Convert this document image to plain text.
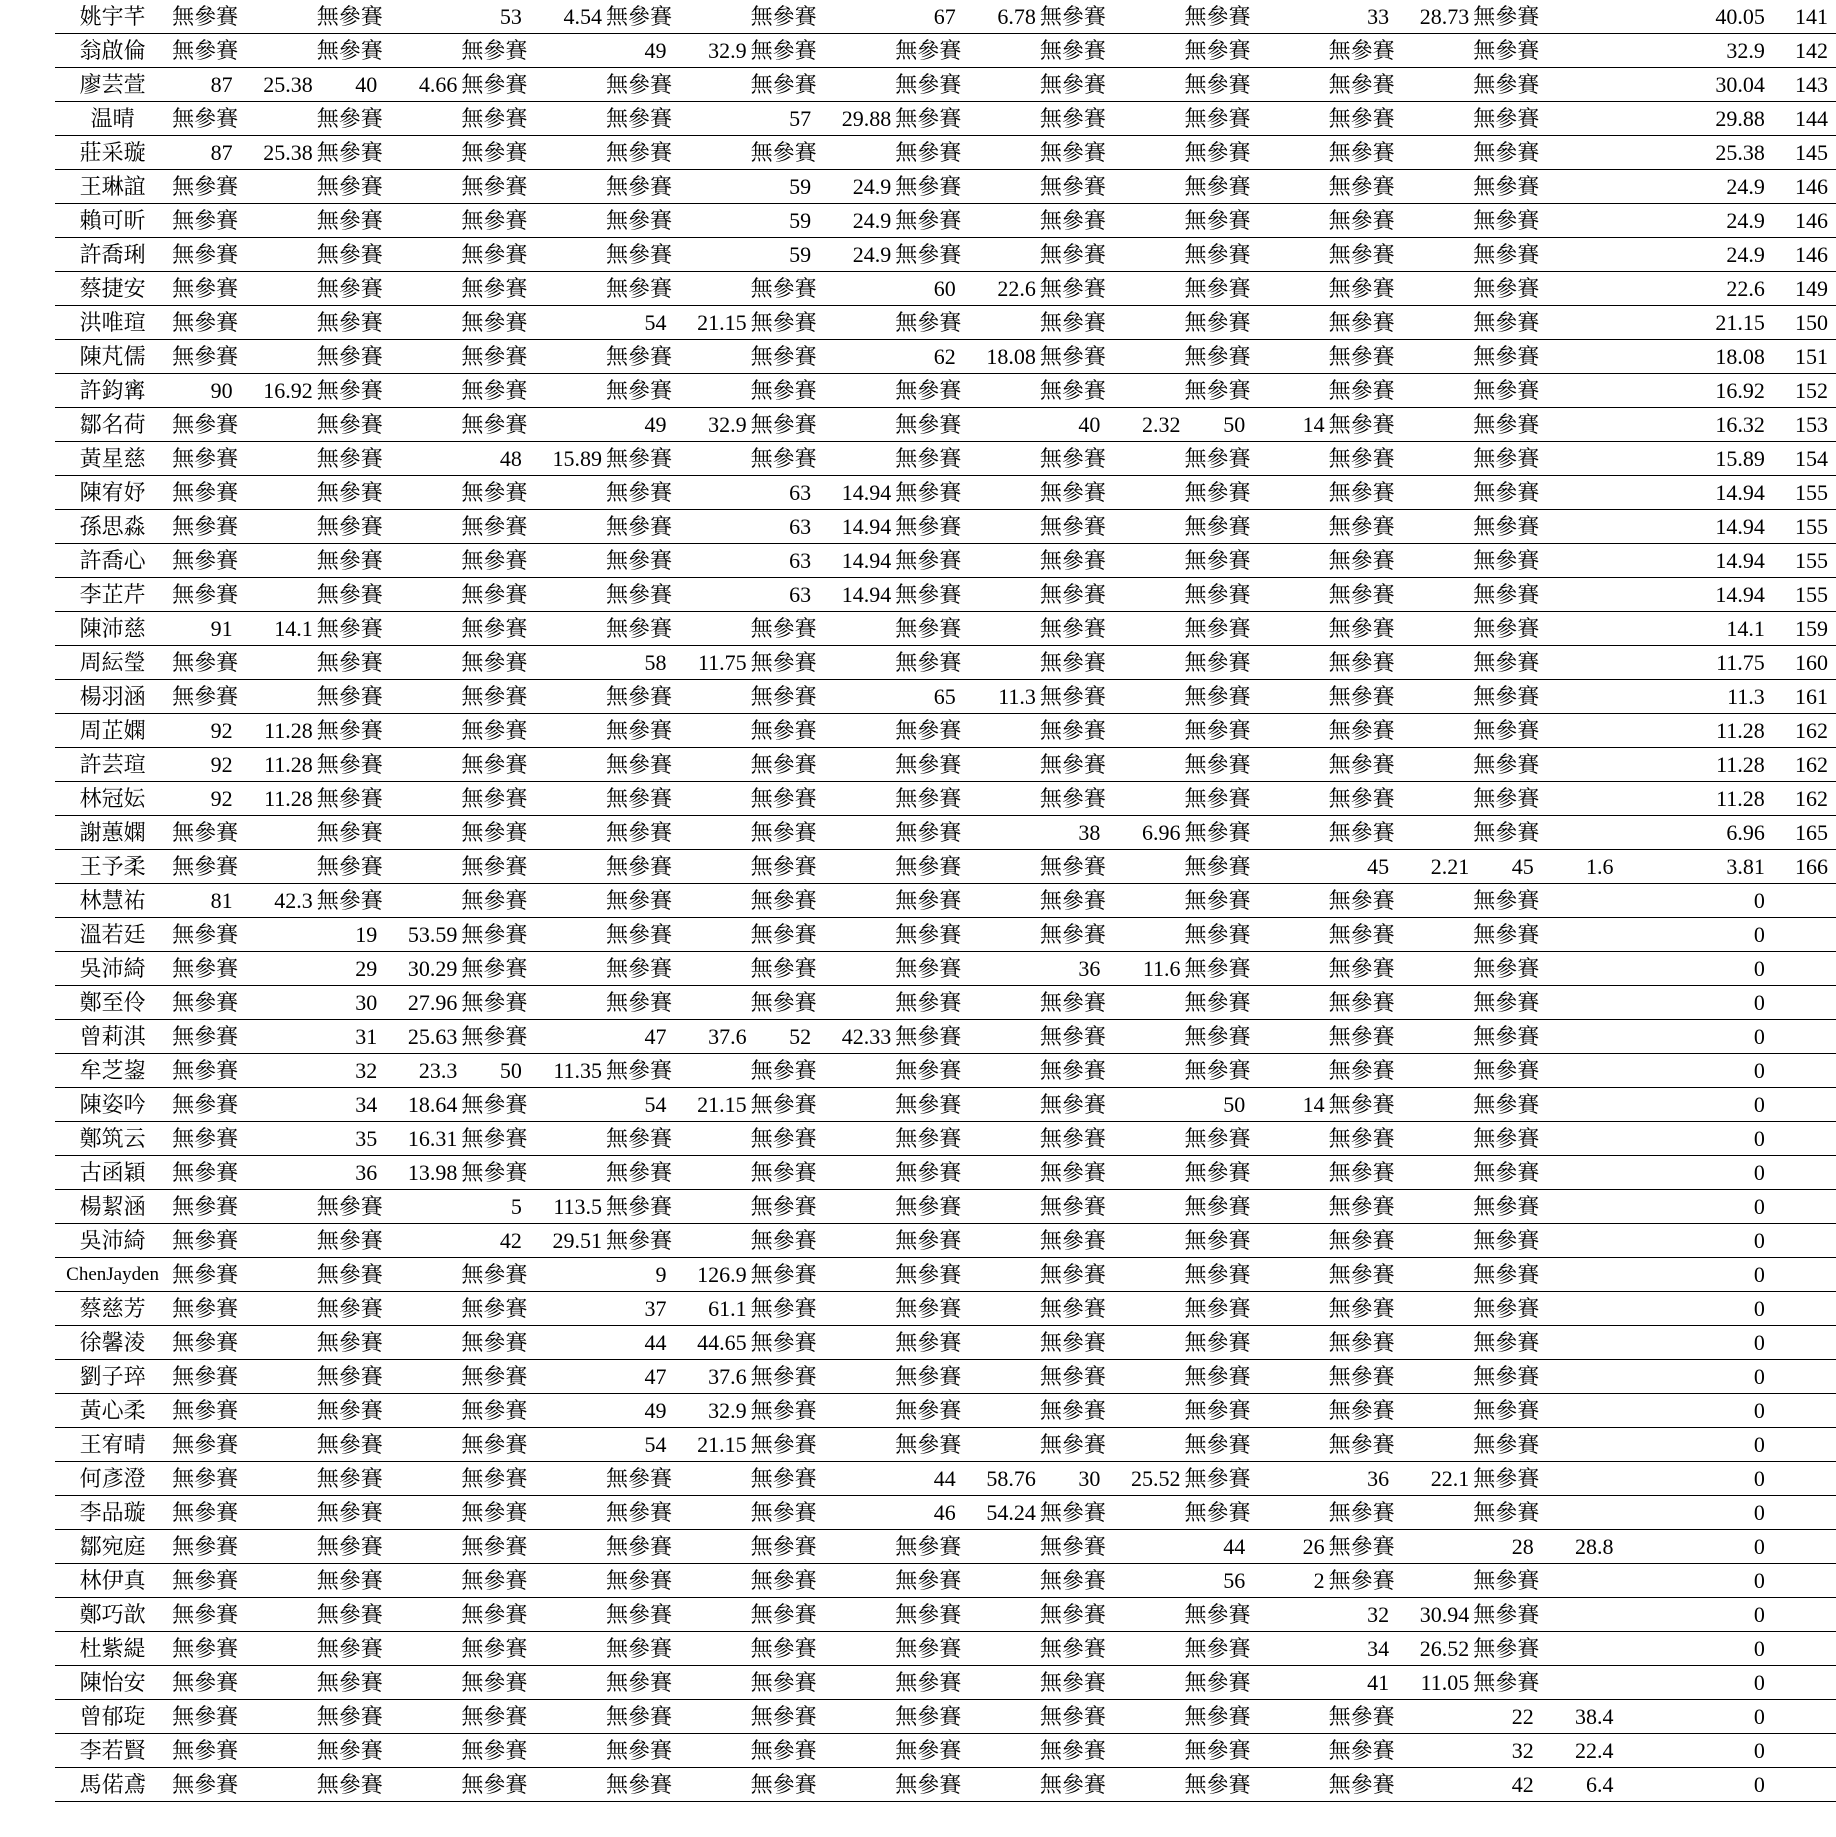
姚宇芊	無參賽		無參賽		53	4.54	無參賽		無參賽		67	6.78	無參賽		無參賽		33	28.73	無參賽		40.05	141
翁啟倫	無參賽		無參賽		無參賽		49	32.9	無參賽		無參賽		無參賽		無參賽		無參賽		無參賽		32.9	142
廖芸萱	87	25.38	40	4.66	無參賽		無參賽		無參賽		無參賽		無參賽		無參賽		無參賽		無參賽		30.04	143
温晴	無參賽		無參賽		無參賽		無參賽		57	29.88	無參賽		無參賽		無參賽		無參賽		無參賽		29.88	144
莊采璇	87	25.38	無參賽		無參賽		無參賽		無參賽		無參賽		無參賽		無參賽		無參賽		無參賽		25.38	145
王琳誼	無參賽		無參賽		無參賽		無參賽		59	24.9	無參賽		無參賽		無參賽		無參賽		無參賽		24.9	146
賴可昕	無參賽		無參賽		無參賽		無參賽		59	24.9	無參賽		無參賽		無參賽		無參賽		無參賽		24.9	146
許喬琍	無參賽		無參賽		無參賽		無參賽		59	24.9	無參賽		無參賽		無參賽		無參賽		無參賽		24.9	146
蔡捷安	無參賽		無參賽		無參賽		無參賽		無參賽		60	22.6	無參賽		無參賽		無參賽		無參賽		22.6	149
洪唯瑄	無參賽		無參賽		無參賽		54	21.15	無參賽		無參賽		無參賽		無參賽		無參賽		無參賽		21.15	150
陳芃儒	無參賽		無參賽		無參賽		無參賽		無參賽		62	18.08	無參賽		無參賽		無參賽		無參賽		18.08	151
許鈞寗	90	16.92	無參賽		無參賽		無參賽		無參賽		無參賽		無參賽		無參賽		無參賽		無參賽		16.92	152
鄒名荷	無參賽		無參賽		無參賽		49	32.9	無參賽		無參賽		40	2.32	50	14	無參賽		無參賽		16.32	153
黃星慈	無參賽		無參賽		48	15.89	無參賽		無參賽		無參賽		無參賽		無參賽		無參賽		無參賽		15.89	154
陳宥妤	無參賽		無參賽		無參賽		無參賽		63	14.94	無參賽		無參賽		無參賽		無參賽		無參賽		14.94	155
孫思淼	無參賽		無參賽		無參賽		無參賽		63	14.94	無參賽		無參賽		無參賽		無參賽		無參賽		14.94	155
許喬心	無參賽		無參賽		無參賽		無參賽		63	14.94	無參賽		無參賽		無參賽		無參賽		無參賽		14.94	155
李芷芹	無參賽		無參賽		無參賽		無參賽		63	14.94	無參賽		無參賽		無參賽		無參賽		無參賽		14.94	155
陳沛慈	91	14.1	無參賽		無參賽		無參賽		無參賽		無參賽		無參賽		無參賽		無參賽		無參賽		14.1	159
周紜瑩	無參賽		無參賽		無參賽		58	11.75	無參賽		無參賽		無參賽		無參賽		無參賽		無參賽		11.75	160
楊羽涵	無參賽		無參賽		無參賽		無參賽		無參賽		65	11.3	無參賽		無參賽		無參賽		無參賽		11.3	161
周芷嫻	92	11.28	無參賽		無參賽		無參賽		無參賽		無參賽		無參賽		無參賽		無參賽		無參賽		11.28	162
許芸瑄	92	11.28	無參賽		無參賽		無參賽		無參賽		無參賽		無參賽		無參賽		無參賽		無參賽		11.28	162
林冠妘	92	11.28	無參賽		無參賽		無參賽		無參賽		無參賽		無參賽		無參賽		無參賽		無參賽		11.28	162
謝蕙嫻	無參賽		無參賽		無參賽		無參賽		無參賽		無參賽		38	6.96	無參賽		無參賽		無參賽		6.96	165
王予柔	無參賽		無參賽		無參賽		無參賽		無參賽		無參賽		無參賽		無參賽		45	2.21	45	1.6	3.81	166
林慧祐	81	42.3	無參賽		無參賽		無參賽		無參賽		無參賽		無參賽		無參賽		無參賽		無參賽		0	
溫若廷	無參賽		19	53.59	無參賽		無參賽		無參賽		無參賽		無參賽		無參賽		無參賽		無參賽		0	
吳沛綺	無參賽		29	30.29	無參賽		無參賽		無參賽		無參賽		36	11.6	無參賽		無參賽		無參賽		0	
鄭至伶	無參賽		30	27.96	無參賽		無參賽		無參賽		無參賽		無參賽		無參賽		無參賽		無參賽		0	
曾莉淇	無參賽		31	25.63	無參賽		47	37.6	52	42.33	無參賽		無參賽		無參賽		無參賽		無參賽		0	
牟芝鋆	無參賽		32	23.3	50	11.35	無參賽		無參賽		無參賽		無參賽		無參賽		無參賽		無參賽		0	
陳姿吟	無參賽		34	18.64	無參賽		54	21.15	無參賽		無參賽		無參賽		50	14	無參賽		無參賽		0	
鄭筑云	無參賽		35	16.31	無參賽		無參賽		無參賽		無參賽		無參賽		無參賽		無參賽		無參賽		0	
古函穎	無參賽		36	13.98	無參賽		無參賽		無參賽		無參賽		無參賽		無參賽		無參賽		無參賽		0	
楊絜涵	無參賽		無參賽		5	113.5	無參賽		無參賽		無參賽		無參賽		無參賽		無參賽		無參賽		0	
吳沛綺	無參賽		無參賽		42	29.51	無參賽		無參賽		無參賽		無參賽		無參賽		無參賽		無參賽		0	
ChenJayden	無參賽		無參賽		無參賽		9	126.9	無參賽		無參賽		無參賽		無參賽		無參賽		無參賽		0	
蔡慈芳	無參賽		無參賽		無參賽		37	61.1	無參賽		無參賽		無參賽		無參賽		無參賽		無參賽		0	
徐馨淩	無參賽		無參賽		無參賽		44	44.65	無參賽		無參賽		無參賽		無參賽		無參賽		無參賽		0	
劉子琗	無參賽		無參賽		無參賽		47	37.6	無參賽		無參賽		無參賽		無參賽		無參賽		無參賽		0	
黃心柔	無參賽		無參賽		無參賽		49	32.9	無參賽		無參賽		無參賽		無參賽		無參賽		無參賽		0	
王宥晴	無參賽		無參賽		無參賽		54	21.15	無參賽		無參賽		無參賽		無參賽		無參賽		無參賽		0	
何彥澄	無參賽		無參賽		無參賽		無參賽		無參賽		44	58.76	30	25.52	無參賽		36	22.1	無參賽		0	
李品璇	無參賽		無參賽		無參賽		無參賽		無參賽		46	54.24	無參賽		無參賽		無參賽		無參賽		0	
鄒宛庭	無參賽		無參賽		無參賽		無參賽		無參賽		無參賽		無參賽		44	26	無參賽		28	28.8	0	
林伊真	無參賽		無參賽		無參賽		無參賽		無參賽		無參賽		無參賽		56	2	無參賽		無參賽		0	
鄭巧歆	無參賽		無參賽		無參賽		無參賽		無參賽		無參賽		無參賽		無參賽		32	30.94	無參賽		0	
杜紫緹	無參賽		無參賽		無參賽		無參賽		無參賽		無參賽		無參賽		無參賽		34	26.52	無參賽		0	
陳怡安	無參賽		無參賽		無參賽		無參賽		無參賽		無參賽		無參賽		無參賽		41	11.05	無參賽		0	
曾郁琁	無參賽		無參賽		無參賽		無參賽		無參賽		無參賽		無參賽		無參賽		無參賽		22	38.4	0	
李若賢	無參賽		無參賽		無參賽		無參賽		無參賽		無參賽		無參賽		無參賽		無參賽		32	22.4	0	
馬偌鳶	無參賽		無參賽		無參賽		無參賽		無參賽		無參賽		無參賽		無參賽		無參賽		42	6.4	0	
